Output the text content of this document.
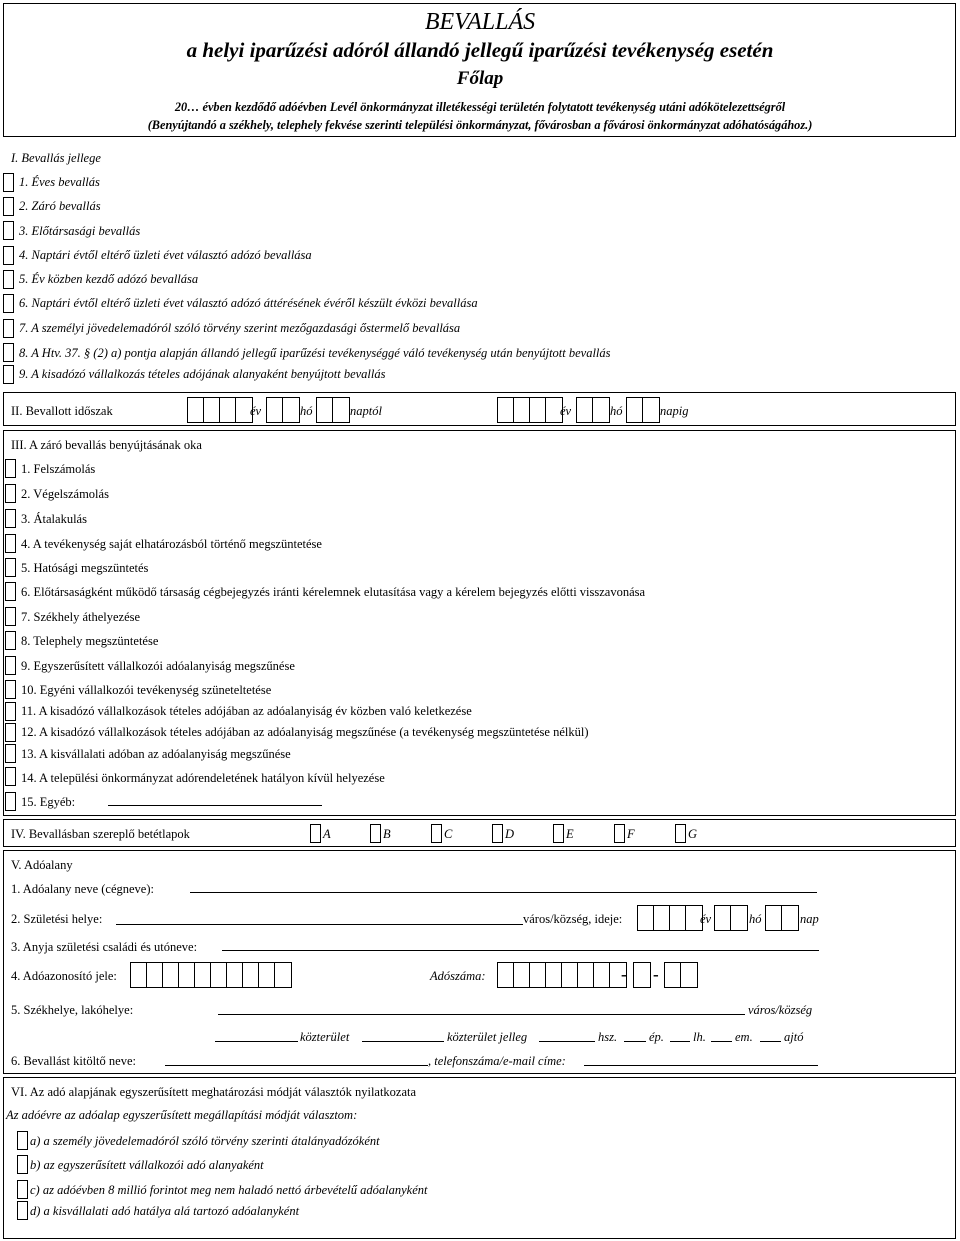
BEVALLÁS
a helyi iparűzési adóról állandó jellegű iparűzési tevékenység esetén
Főlap
20… évben kezdődő adóévben Levél önkormányzat illetékességi területén folytatott tevékenység utáni adókötelezettségről
(Benyújtandó a székhely, telephely fekvése szerinti települési önkormányzat, fővárosban a fővárosi önkormányzat adóhatóságához.)
I. Bevallás jellege
1. Éves bevallás
2. Záró bevallás
3. Előtársasági bevallás
4. Naptári évtől eltérő üzleti évet választó adózó bevallása
5. Év közben kezdő adózó bevallása
6. Naptári évtől eltérő üzleti évet választó adózó áttérésének évéről készült évközi bevallása
7. A személyi jövedelemadóról szóló törvény szerint mezőgazdasági őstermelő bevallása
8. A Htv. 37. § (2) a) pontja alapján állandó jellegű iparűzési tevékenységgé váló tevékenység után benyújtott bevallás
9. A kisadózó vállalkozás tételes adójának alanyaként benyújtott bevallás
II. Bevallott időszak	év	hó	naptól	év	hó	napig
III. A záró bevallás benyújtásának oka
1. Felszámolás
2. Végelszámolás
3. Átalakulás
4. A tevékenység saját elhatározásból történő megszüntetése
5. Hatósági megszüntetés
6. Előtársaságként működő társaság cégbejegyzés iránti kérelemnek elutasítása vagy a kérelem bejegyzés előtti visszavonása
7. Székhely áthelyezése
8. Telephely megszüntetése
9. Egyszerűsített vállalkozói adóalanyiság megszűnése
10. Egyéni vállalkozói tevékenység szüneteltetése
11. A kisadózó vállalkozások tételes adójában az adóalanyiság év közben való keletkezése
12. A kisadózó vállalkozások tételes adójában az adóalanyiság megszűnése (a tevékenység megszüntetése nélkül)
13. A kisvállalati adóban az adóalanyiság megszűnése
14. A települési önkormányzat adórendeletének hatályon kívül helyezése
15. Egyéb:
IV. Bevallásban szereplő betétlapok	A	B	C	D	E	F	G
V. Adóalany
1. Adóalany neve (cégneve):
2. Születési helye:	város/község, ideje:	év	hó	nap
3. Anyja születési családi és utóneve:
4. Adóazonosító jele:	Adószáma:	- -
5. Székhelye, lakóhelye:	város/község
közterület	közterület jelleg	hsz.	ép. lh. em.	ajtó
6. Bevallást kitöltő neve:	, telefonszáma/e-mail címe:
VI. Az adó alapjának egyszerűsített meghatározási módját választók nyilatkozata
Az adóévre az adóalap egyszerűsített megállapítási módját választom:
a) a személy jövedelemadóról szóló törvény szerinti átalányadózóként
b) az egyszerűsített vállalkozói adó alanyaként
c) az adóévben 8 millió forintot meg nem haladó nettó árbevételű adóalanyként
d) a kisvállalati adó hatálya alá tartozó adóalanyként
